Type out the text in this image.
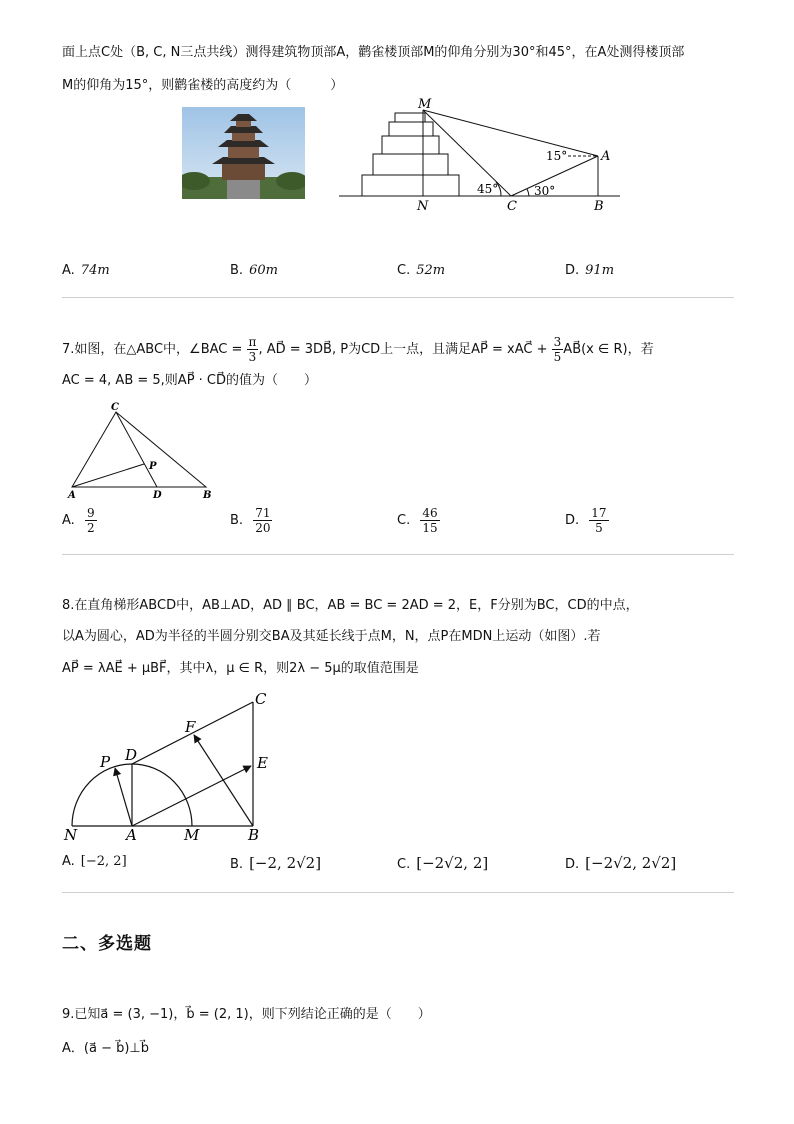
面上点C处（B, C, N三点共线）测得建筑物顶部A，鹳雀楼顶部M的仰角分别为30°和45°，在A处测得楼顶部
M的仰角为15°，则鹳雀楼的高度约为（　　　）
M
N	C	B
A
15°
45°	30°
A. 74m	B. 60m	C. 52m	D. 91m
7.如图，在△ABC中，∠BAC = $\frac{\pi}{3}$ , AD⃗ = 3DB⃗, P为CD上一点，且满足AP⃗ = xAC⃗ + $\frac{3}{5}$ AB⃗(x ∈ R)，若
AC = 4, AB = 5,则AP⃗ · CD⃗的值为（　　）
C
P
A	D	B
A. $\frac{9}{2}$	B. $\frac{71}{20}$	C. $\frac{46}{15}$	D. $\frac{17}{5}$
8.在直角梯形ABCD中，AB⊥AD，AD ∥ BC，AB = BC = 2AD = 2，E，F分别为BC，CD的中点，
以A为圆心，AD为半径的半圆分别交BA及其延长线于点M，N，点P在MDN上运动（如图）.若
AP⃗ = λAE⃗ + μBF⃗，其中λ，μ ∈ R，则2λ − 5μ的取值范围是
C
F
D
P	E
N	A	M	B
A. [−2, 2]	B. [−2, 2√2]	C. [−2√2, 2]	D. [−2√2, 2√2]
二、多选题
9.已知a⃗ = (3, −1)，b⃗ = (2, 1)，则下列结论正确的是（　　）
A．(a⃗ − b⃗)⊥b⃗
